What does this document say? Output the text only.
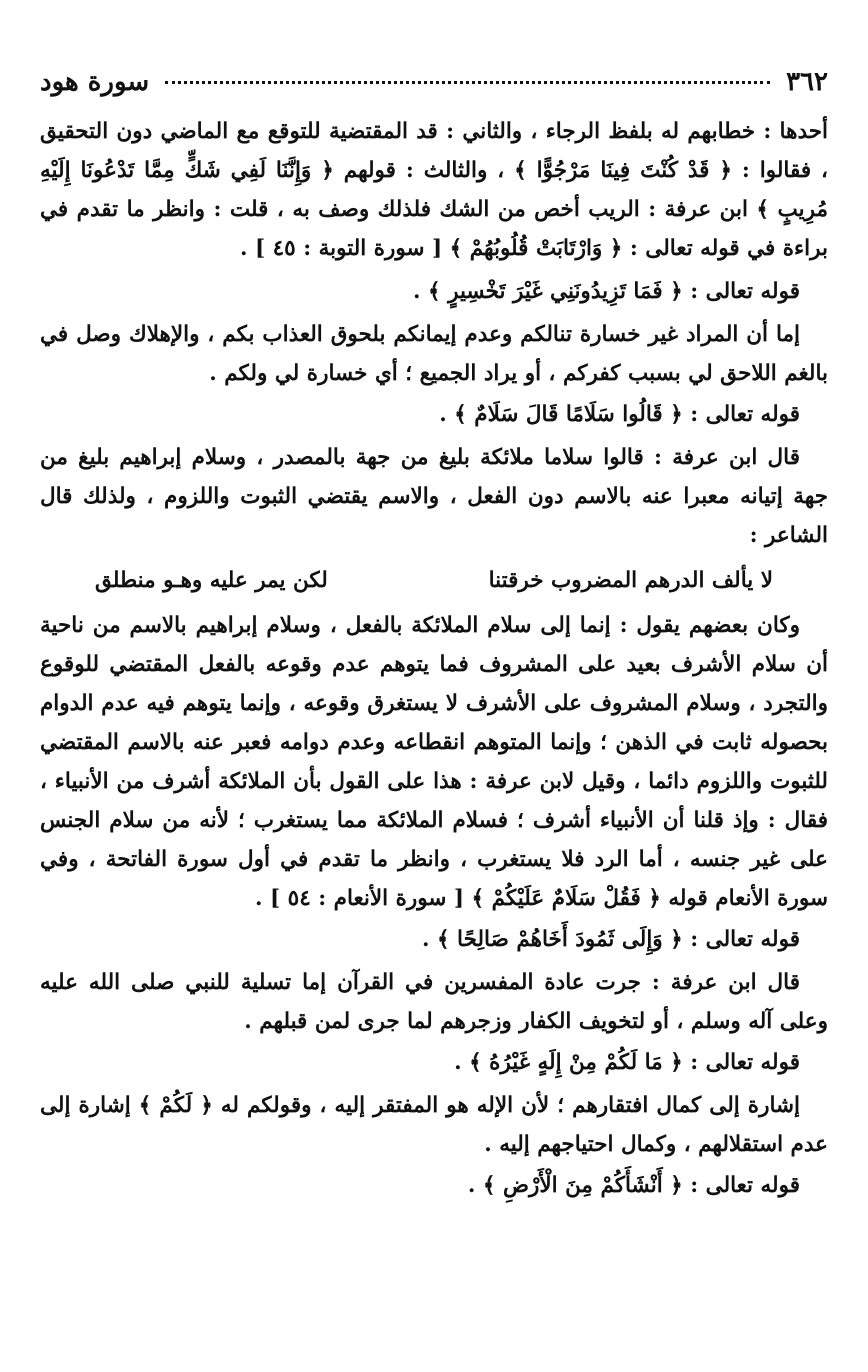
٣٦٢
سورة هود

أحدها : خطابهم له بلفظ الرجاء ، والثاني : قد المقتضية للتوقع مع الماضي دون التحقيق ، فقالوا : ﴿ قَدْ كُنْتَ فِينَا مَرْجُوًّا ﴾ ، والثالث : قولهم ﴿ وَإِنَّنَا لَفِي شَكٍّ مِمَّا تَدْعُونَا إِلَيْهِ مُرِيبٍ ﴾ ابن عرفة : الريب أخص من الشك فلذلك وصف به ، قلت : وانظر ما تقدم في براءة في قوله تعالى : ﴿ وَارْتَابَتْ قُلُوبُهُمْ ﴾ [ سورة التوبة : ٤٥ ] .

قوله تعالى : ﴿ فَمَا تَزِيدُونَنِي غَيْرَ تَخْسِيرٍ ﴾ .

إما أن المراد غير خسارة تنالكم وعدم إيمانكم بلحوق العذاب بكم ، والإهلاك وصل في بالغم اللاحق لي بسبب كفركم ، أو يراد الجميع ؛ أي خسارة لي ولكم .

قوله تعالى : ﴿ قَالُوا سَلَامًا قَالَ سَلَامٌ ﴾ .

قال ابن عرفة : قالوا سلاما ملائكة بليغ من جهة بالمصدر ، وسلام إبراهيم بليغ من جهة إتيانه معبرا عنه بالاسم دون الفعل ، والاسم يقتضي الثبوت واللزوم ، ولذلك قال الشاعر :

لا يألف الدرهم المضروب خرقتنا
لكن يمر عليه وهـو منطلق

وكان بعضهم يقول : إنما إلى سلام الملائكة بالفعل ، وسلام إبراهيم بالاسم من ناحية أن سلام الأشرف بعيد على المشروف فما يتوهم عدم وقوعه بالفعل المقتضي للوقوع والتجرد ، وسلام المشروف على الأشرف لا يستغرق وقوعه ، وإنما يتوهم فيه عدم الدوام بحصوله ثابت في الذهن ؛ وإنما المتوهم انقطاعه وعدم دوامه فعبر عنه بالاسم المقتضي للثبوت واللزوم دائما ، وقيل لابن عرفة : هذا على القول بأن الملائكة أشرف من الأنبياء ، فقال : وإذ قلنا أن الأنبياء أشرف ؛ فسلام الملائكة مما يستغرب ؛ لأنه من سلام الجنس على غير جنسه ، أما الرد فلا يستغرب ، وانظر ما تقدم في أول سورة الفاتحة ، وفي سورة الأنعام قوله ﴿ فَقُلْ سَلَامٌ عَلَيْكُمْ ﴾ [ سورة الأنعام : ٥٤ ] .

قوله تعالى : ﴿ وَإِلَى ثَمُودَ أَخَاهُمْ صَالِحًا ﴾ .

قال ابن عرفة : جرت عادة المفسرين في القرآن إما تسلية للنبي صلى الله عليه وعلى آله وسلم ، أو لتخويف الكفار وزجرهم لما جرى لمن قبلهم .

قوله تعالى : ﴿ مَا لَكُمْ مِنْ إِلَهٍ غَيْرُهُ ﴾ .

إشارة إلى كمال افتقارهم ؛ لأن الإله هو المفتقر إليه ، وقولكم له ﴿ لَكُمْ ﴾ إشارة إلى عدم استقلالهم ، وكمال احتياجهم إليه .

قوله تعالى : ﴿ أَنْشَأَكُمْ مِنَ الْأَرْضِ ﴾ .
